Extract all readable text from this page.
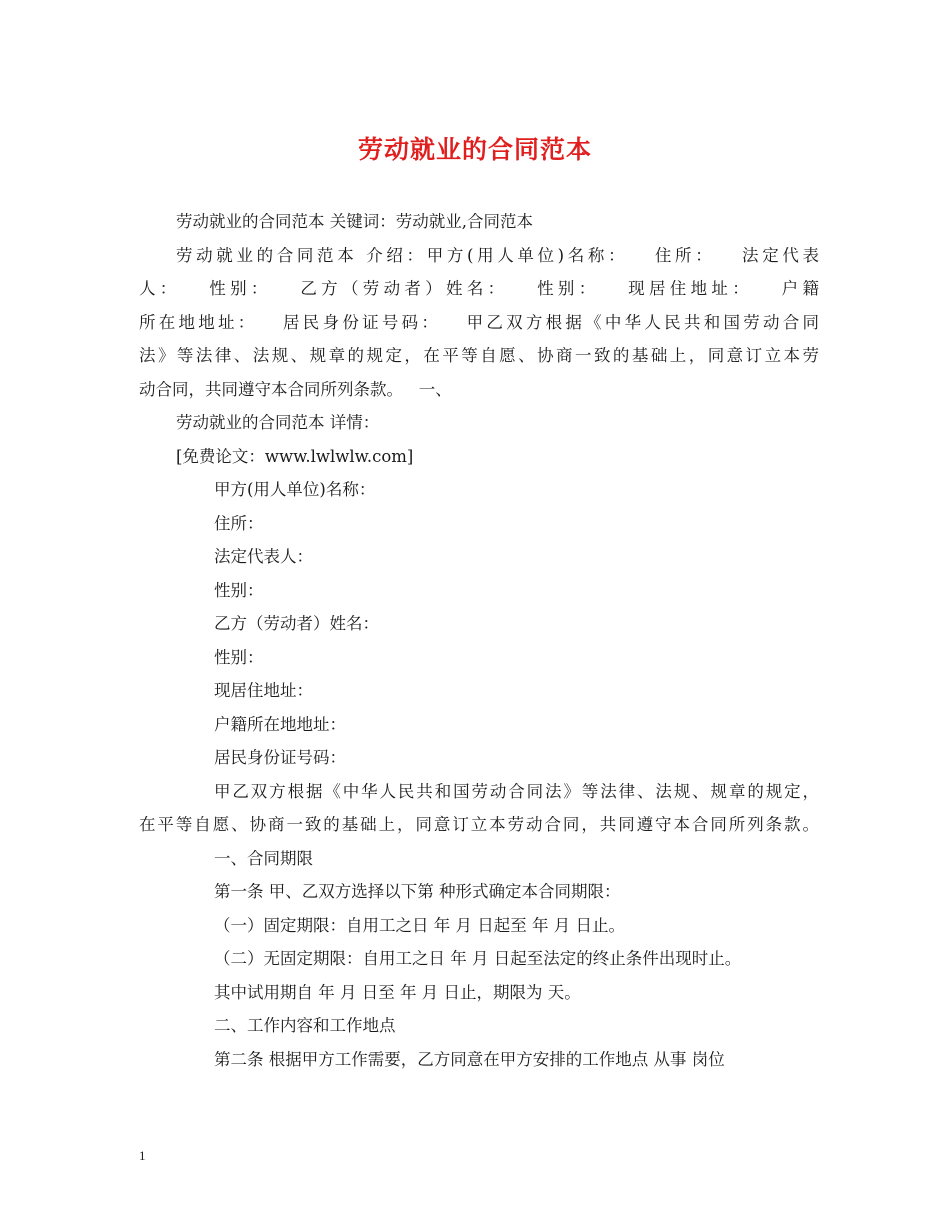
劳动就业的合同范本

劳动就业的合同范本 关键词：劳动就业,合同范本

劳动就业的合同范本 介绍：甲方(用人单位)名称：   住所：   法定代表

人：   性别：   乙方（劳动者）姓名：   性别：   现居住地址：   户籍

所在地地址：   居民身份证号码：   甲乙双方根据《中华人民共和国劳动合同

法》等法律、法规、规章的规定，在平等自愿、协商一致的基础上，同意订立本劳

动合同，共同遵守本合同所列条款。   一、

劳动就业的合同范本 详情：

[免费论文：www.lwlwlw.com]

甲方(用人单位)名称：

住所：

法定代表人：

性别：

乙方（劳动者）姓名：

性别：

现居住地址：

户籍所在地地址：

居民身份证号码：

甲乙双方根据《中华人民共和国劳动合同法》等法律、法规、规章的规定，

在平等自愿、协商一致的基础上，同意订立本劳动合同，共同遵守本合同所列条款。

一、合同期限

第一条 甲、乙双方选择以下第 种形式确定本合同期限：

（一）固定期限：自用工之日 年 月 日起至 年 月 日止。

（二）无固定期限：自用工之日 年 月 日起至法定的终止条件出现时止。

其中试用期自 年 月 日至 年 月 日止，期限为 天。

二、工作内容和工作地点

第二条 根据甲方工作需要，乙方同意在甲方安排的工作地点 从事 岗位

1
